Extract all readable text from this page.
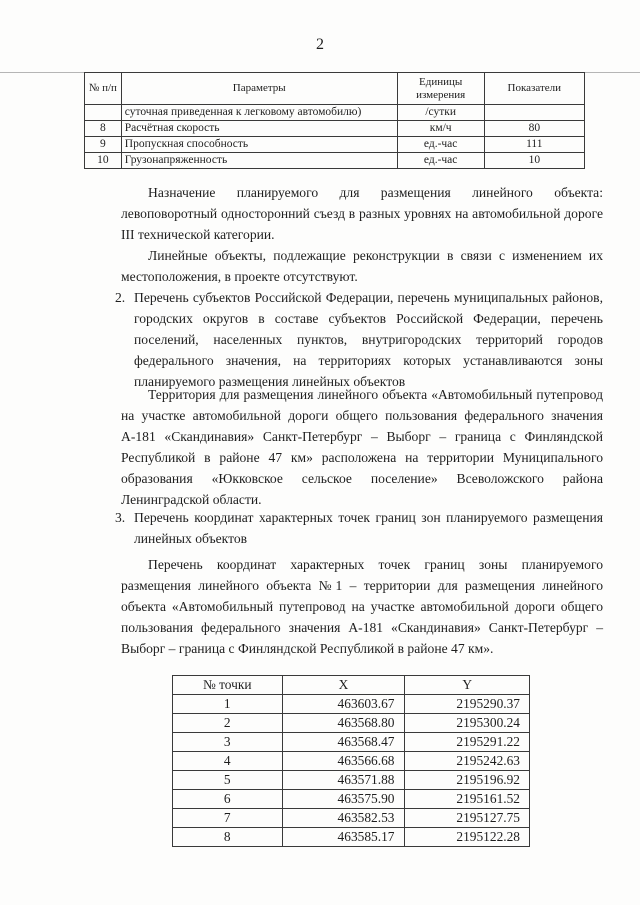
2
№ п/п	Параметры	Единицы измерения	Показатели
	суточная приведенная к легковому автомобилю)	/сутки	
8	Расчётная скорость	км/ч	80
9	Пропускная способность	ед.-час	111
10	Грузонапряженность	ед.-час	10

Назначение планируемого для размещения линейного объекта: левоповоротный односторонний съезд в разных уровнях на автомобильной дороге III технической категории.

Линейные объекты, подлежащие реконструкции в связи с изменением их местоположения, в проекте отсутствуют.

2. Перечень субъектов Российской Федерации, перечень муниципальных районов, городских округов в составе субъектов Российской Федерации, перечень поселений, населенных пунктов, внутригородских территорий городов федерального значения, на территориях которых устанавливаются зоны планируемого размещения линейных объектов

Территория для размещения линейного объекта «Автомобильный путепровод на участке автомобильной дороги общего пользования федерального значения А-181 «Скандинавия» Санкт-Петербург – Выборг – граница с Финляндской Республикой в районе 47 км» расположена на территории Муниципального образования «Юкковское сельское поселение» Всеволожского района Ленинградской области.

3. Перечень координат характерных точек границ зон планируемого размещения линейных объектов

Перечень координат характерных точек границ зоны планируемого размещения линейного объекта №1 – территории для размещения линейного объекта «Автомобильный путепровод на участке автомобильной дороги общего пользования федерального значения А-181 «Скандинавия» Санкт-Петербург – Выборг – граница с Финляндской Республикой в районе 47 км».

№ точки	X	Y
1	463603.67	2195290.37
2	463568.80	2195300.24
3	463568.47	2195291.22
4	463566.68	2195242.63
5	463571.88	2195196.92
6	463575.90	2195161.52
7	463582.53	2195127.75
8	463585.17	2195122.28
